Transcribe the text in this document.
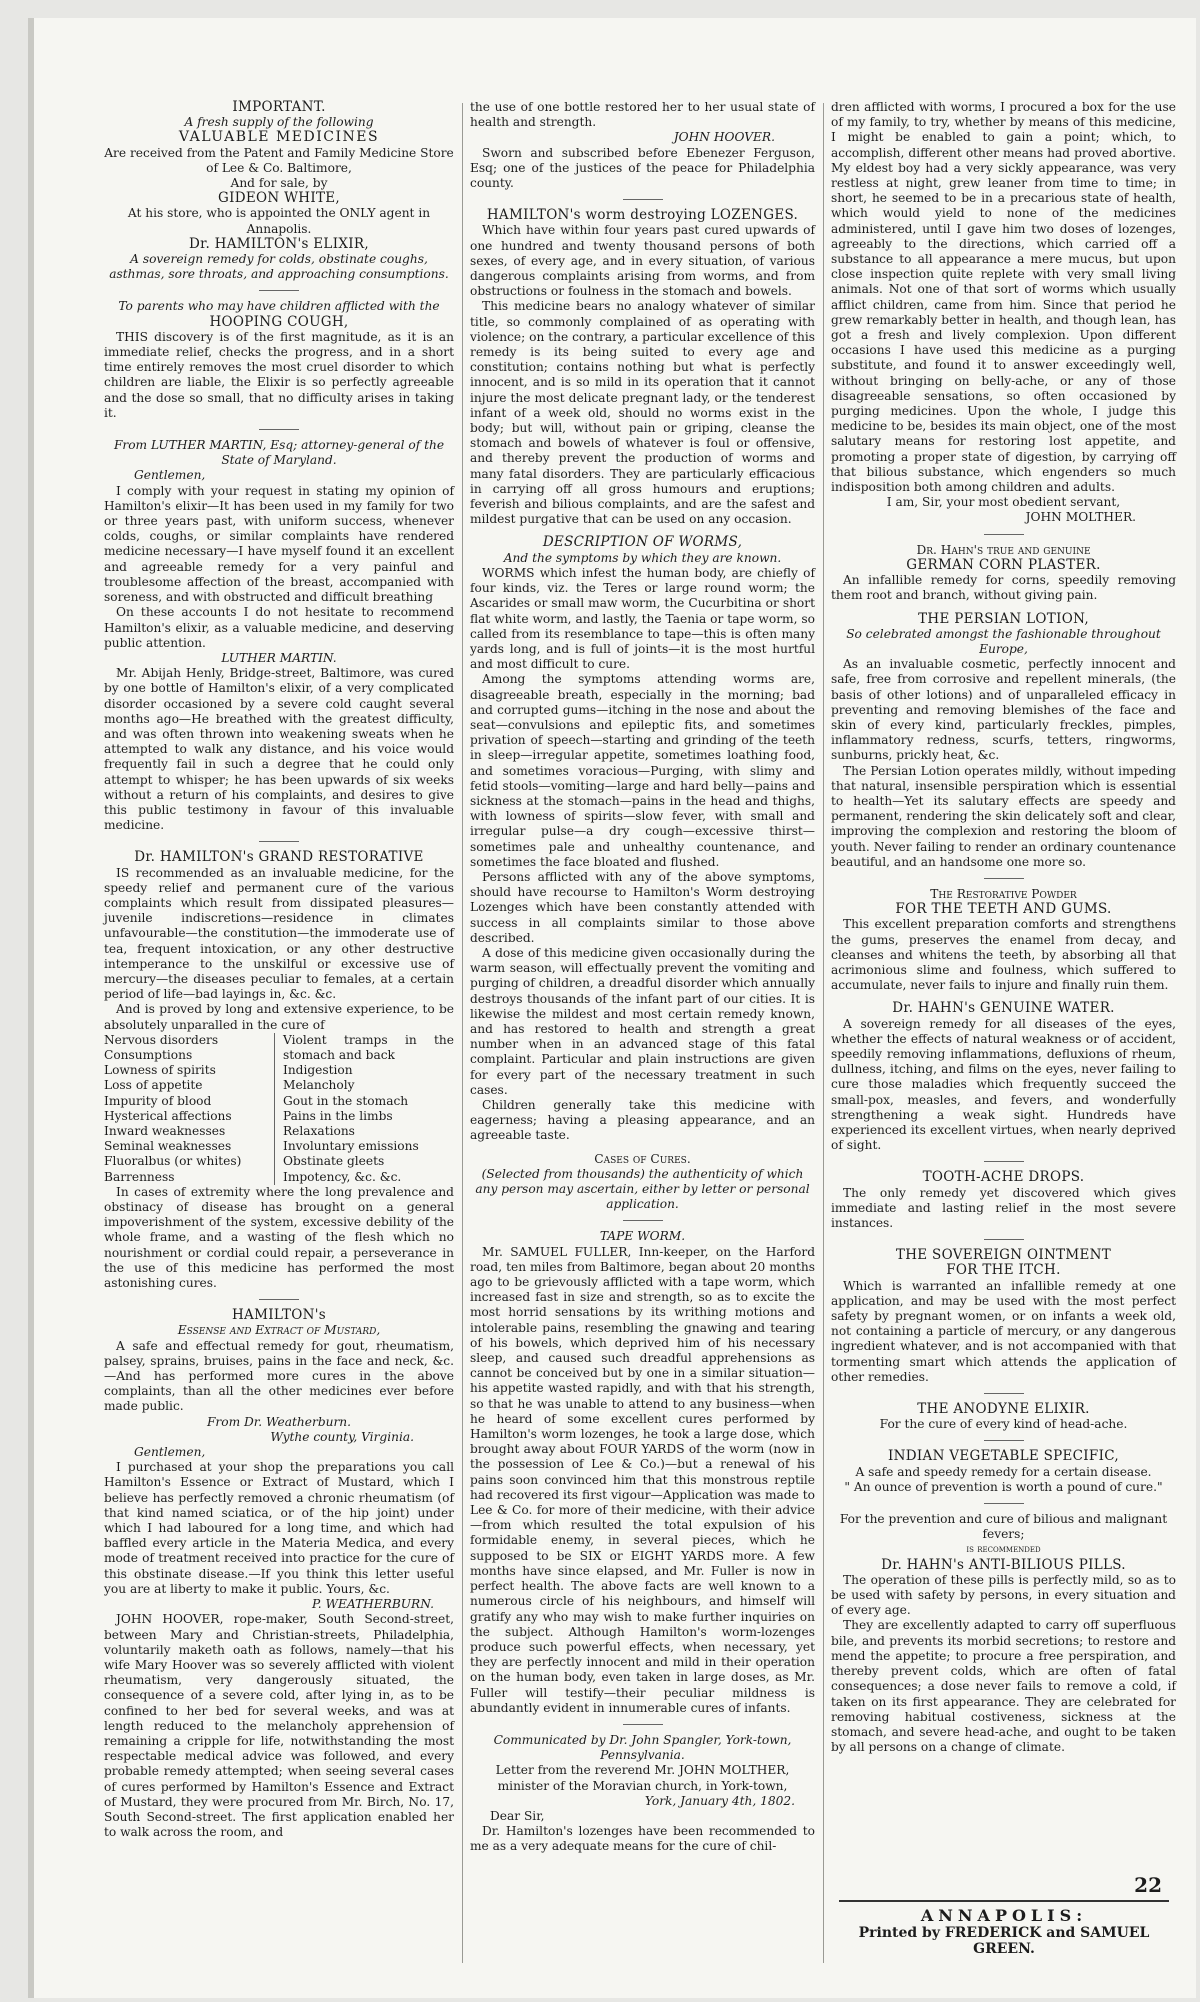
IMPORTANT.
A fresh supply of the following
VALUABLE MEDICINES
Are received from the Patent and Family Medicine Store of Lee & Co. Baltimore,
And for sale, by
GIDEON WHITE,
At his store, who is appointed the ONLY agent in Annapolis.
Dr. HAMILTON's ELIXIR,
A sovereign remedy for colds, obstinate coughs, asthmas, sore throats, and approaching consumptions.
To parents who may have children afflicted with the
HOOPING COUGH,

THIS discovery is of the first magnitude, as it is an immediate relief, checks the progress, and in a short time entirely removes the most cruel disorder to which children are liable, the Elixir is so perfectly agreeable and the dose so small, that no difficulty arises in taking it.

From LUTHER MARTIN, Esq; attorney-general of the State of Maryland.
Gentlemen,

I comply with your request in stating my opinion of Hamilton's elixir—It has been used in my family for two or three years past, with uniform success, whenever colds, coughs, or similar complaints have rendered medicine necessary—I have myself found it an excellent and agreeable remedy for a very painful and troublesome affection of the breast, accompanied with soreness, and with obstructed and difficult breathing

On these accounts I do not hesitate to recommend Hamilton's elixir, as a valuable medicine, and deserving public attention.

LUTHER MARTIN.

Mr. Abijah Henly, Bridge-street, Baltimore, was cured by one bottle of Hamilton's elixir, of a very complicated disorder occasioned by a severe cold caught several months ago—He breathed with the greatest difficulty, and was often thrown into weakening sweats when he attempted to walk any distance, and his voice would frequently fail in such a degree that he could only attempt to whisper; he has been upwards of six weeks without a return of his complaints, and desires to give this public testimony in favour of this invaluable medicine.

Dr. HAMILTON's GRAND RESTORATIVE

IS recommended as an invaluable medicine, for the speedy relief and permanent cure of the various complaints which result from dissipated pleasures—juvenile indiscretions—residence in climates unfavourable—the constitution—the immoderate use of tea, frequent intoxication, or any other destructive intemperance to the unskilful or excessive use of mercury—the diseases peculiar to females, at a certain period of life—bad layings in, &c. &c.

And is proved by long and extensive experience, to be absolutely unparalled in the cure of

Nervous disorders
Consumptions
Lowness of spirits
Loss of appetite
Impurity of blood
Hysterical affections
Inward weaknesses
Seminal weaknesses
Fluoralbus (or whites)
Barrenness
Violent tramps in the stomach and back
Indigestion
Melancholy
Gout in the stomach
Pains in the limbs
Relaxations
Involuntary emissions
Obstinate gleets
Impotency, &c. &c.

In cases of extremity where the long prevalence and obstinacy of disease has brought on a general impoverishment of the system, excessive debility of the whole frame, and a wasting of the flesh which no nourishment or cordial could repair, a perseverance in the use of this medicine has performed the most astonishing cures.

HAMILTON's
Essense and Extract of Mustard,

A safe and effectual remedy for gout, rheumatism, palsey, sprains, bruises, pains in the face and neck, &c.—And has performed more cures in the above complaints, than all the other medicines ever before made public.

From Dr. Weatherburn.
Wythe county, Virginia.
Gentlemen,

I purchased at your shop the preparations you call Hamilton's Essence or Extract of Mustard, which I believe has perfectly removed a chronic rheumatism (of that kind named sciatica, or of the hip joint) under which I had laboured for a long time, and which had baffled every article in the Materia Medica, and every mode of treatment received into practice for the cure of this obstinate disease.—If you think this letter useful you are at liberty to make it public. Yours, &c.

P. WEATHERBURN.

JOHN HOOVER, rope-maker, South Second-street, between Mary and Christian-streets, Philadelphia, voluntarily maketh oath as follows, namely—that his wife Mary Hoover was so severely afflicted with violent rheumatism, very dangerously situated, the consequence of a severe cold, after lying in, as to be confined to her bed for several weeks, and was at length reduced to the melancholy apprehension of remaining a cripple for life, notwithstanding the most respectable medical advice was followed, and every probable remedy attempted; when seeing several cases of cures performed by Hamilton's Essence and Extract of Mustard, they were procured from Mr. Birch, No. 17, South Second-street. The first application enabled her to walk across the room, and

the use of one bottle restored her to her usual state of health and strength.

JOHN HOOVER.

Sworn and subscribed before Ebenezer Ferguson, Esq; one of the justices of the peace for Philadelphia county.

HAMILTON's worm destroying LOZENGES.

Which have within four years past cured upwards of one hundred and twenty thousand persons of both sexes, of every age, and in every situation, of various dangerous complaints arising from worms, and from obstructions or foulness in the stomach and bowels.

This medicine bears no analogy whatever of similar title, so commonly complained of as operating with violence; on the contrary, a particular excellence of this remedy is its being suited to every age and constitution; contains nothing but what is perfectly innocent, and is so mild in its operation that it cannot injure the most delicate pregnant lady, or the tenderest infant of a week old, should no worms exist in the body; but will, without pain or griping, cleanse the stomach and bowels of whatever is foul or offensive, and thereby prevent the production of worms and many fatal disorders. They are particularly efficacious in carrying off all gross humours and eruptions; feverish and bilious complaints, and are the safest and mildest purgative that can be used on any occasion.

DESCRIPTION OF WORMS,
And the symptoms by which they are known.

WORMS which infest the human body, are chiefly of four kinds, viz. the Teres or large round worm; the Ascarides or small maw worm, the Cucurbitina or short flat white worm, and lastly, the Taenia or tape worm, so called from its resemblance to tape—this is often many yards long, and is full of joints—it is the most hurtful and most difficult to cure.

Among the symptoms attending worms are, disagreeable breath, especially in the morning; bad and corrupted gums—itching in the nose and about the seat—convulsions and epileptic fits, and sometimes privation of speech—starting and grinding of the teeth in sleep—irregular appetite, sometimes loathing food, and sometimes voracious—Purging, with slimy and fetid stools—vomiting—large and hard belly—pains and sickness at the stomach—pains in the head and thighs, with lowness of spirits—slow fever, with small and irregular pulse—a dry cough—excessive thirst—sometimes pale and unhealthy countenance, and sometimes the face bloated and flushed.

Persons afflicted with any of the above symptoms, should have recourse to Hamilton's Worm destroying Lozenges which have been constantly attended with success in all complaints similar to those above described.

A dose of this medicine given occasionally during the warm season, will effectually prevent the vomiting and purging of children, a dreadful disorder which annually destroys thousands of the infant part of our cities. It is likewise the mildest and most certain remedy known, and has restored to health and strength a great number when in an advanced stage of this fatal complaint. Particular and plain instructions are given for every part of the necessary treatment in such cases.

Children generally take this medicine with eagerness; having a pleasing appearance, and an agreeable taste.

Cases of Cures.
(Selected from thousands) the authenticity of which any person may ascertain, either by letter or personal application.
TAPE WORM.

Mr. SAMUEL FULLER, Inn-keeper, on the Harford road, ten miles from Baltimore, began about 20 months ago to be grievously afflicted with a tape worm, which increased fast in size and strength, so as to excite the most horrid sensations by its writhing motions and intolerable pains, resembling the gnawing and tearing of his bowels, which deprived him of his necessary sleep, and caused such dreadful apprehensions as cannot be conceived but by one in a similar situation—his appetite wasted rapidly, and with that his strength, so that he was unable to attend to any business—when he heard of some excellent cures performed by Hamilton's worm lozenges, he took a large dose, which brought away about FOUR YARDS of the worm (now in the possession of Lee & Co.)—but a renewal of his pains soon convinced him that this monstrous reptile had recovered its first vigour—Application was made to Lee & Co. for more of their medicine, with their advice—from which resulted the total expulsion of his formidable enemy, in several pieces, which he supposed to be SIX or EIGHT YARDS more. A few months have since elapsed, and Mr. Fuller is now in perfect health. The above facts are well known to a numerous circle of his neighbours, and himself will gratify any who may wish to make further inquiries on the subject. Although Hamilton's worm-lozenges produce such powerful effects, when necessary, yet they are perfectly innocent and mild in their operation on the human body, even taken in large doses, as Mr. Fuller will testify—their peculiar mildness is abundantly evident in innumerable cures of infants.

Communicated by Dr. John Spangler, York-town, Pennsylvania.
Letter from the reverend Mr. JOHN MOLTHER, minister of the Moravian church, in York-town,
York, January 4th, 1802.
Dear Sir,

Dr. Hamilton's lozenges have been recommended to me as a very adequate means for the cure of chil-

dren afflicted with worms, I procured a box for the use of my family, to try, whether by means of this medicine, I might be enabled to gain a point; which, to accomplish, different other means had proved abortive. My eldest boy had a very sickly appearance, was very restless at night, grew leaner from time to time; in short, he seemed to be in a precarious state of health, which would yield to none of the medicines administered, until I gave him two doses of lozenges, agreeably to the directions, which carried off a substance to all appearance a mere mucus, but upon close inspection quite replete with very small living animals. Not one of that sort of worms which usually afflict children, came from him. Since that period he grew remarkably better in health, and though lean, has got a fresh and lively complexion. Upon different occasions I have used this medicine as a purging substitute, and found it to answer exceedingly well, without bringing on belly-ache, or any of those disagreeable sensations, so often occasioned by purging medicines. Upon the whole, I judge this medicine to be, besides its main object, one of the most salutary means for restoring lost appetite, and promoting a proper state of digestion, by carrying off that bilious substance, which engenders so much indisposition both among children and adults.

I am, Sir, your most obedient servant,
JOHN MOLTHER.
Dr. Hahn's true and genuine
GERMAN CORN PLASTER.

An infallible remedy for corns, speedily removing them root and branch, without giving pain.

THE PERSIAN LOTION,
So celebrated amongst the fashionable throughout Europe,

As an invaluable cosmetic, perfectly innocent and safe, free from corrosive and repellent minerals, (the basis of other lotions) and of unparalleled efficacy in preventing and removing blemishes of the face and skin of every kind, particularly freckles, pimples, inflammatory redness, scurfs, tetters, ringworms, sunburns, prickly heat, &c.

The Persian Lotion operates mildly, without impeding that natural, insensible perspiration which is essential to health—Yet its salutary effects are speedy and permanent, rendering the skin delicately soft and clear, improving the complexion and restoring the bloom of youth. Never failing to render an ordinary countenance beautiful, and an handsome one more so.

The Restorative Powder
FOR THE TEETH AND GUMS.

This excellent preparation comforts and strengthens the gums, preserves the enamel from decay, and cleanses and whitens the teeth, by absorbing all that acrimonious slime and foulness, which suffered to accumulate, never fails to injure and finally ruin them.

Dr. HAHN's GENUINE WATER.

A sovereign remedy for all diseases of the eyes, whether the effects of natural weakness or of accident, speedily removing inflammations, defluxions of rheum, dullness, itching, and films on the eyes, never failing to cure those maladies which frequently succeed the small-pox, measles, and fevers, and wonderfully strengthening a weak sight. Hundreds have experienced its excellent virtues, when nearly deprived of sight.

TOOTH-ACHE DROPS.

The only remedy yet discovered which gives immediate and lasting relief in the most severe instances.

THE SOVEREIGN OINTMENT
FOR THE ITCH.

Which is warranted an infallible remedy at one application, and may be used with the most perfect safety by pregnant women, or on infants a week old, not containing a particle of mercury, or any dangerous ingredient whatever, and is not accompanied with that tormenting smart which attends the application of other remedies.

THE ANODYNE ELIXIR.
For the cure of every kind of head-ache.
INDIAN VEGETABLE SPECIFIC,
A safe and speedy remedy for a certain disease.
" An ounce of prevention is worth a pound of cure."
For the prevention and cure of bilious and malignant fevers;
is recommended
Dr. HAHN's ANTI-BILIOUS PILLS.

The operation of these pills is perfectly mild, so as to be used with safety by persons, in every situation and of every age.

They are excellently adapted to carry off superfluous bile, and prevents its morbid secretions; to restore and mend the appetite; to procure a free perspiration, and thereby prevent colds, which are often of fatal consequences; a dose never fails to remove a cold, if taken on its first appearance. They are celebrated for removing habitual costiveness, sickness at the stomach, and severe head-ache, and ought to be taken by all persons on a change of climate.

22
ANNAPOLIS:
Printed by FREDERICK and SAMUEL
GREEN.
